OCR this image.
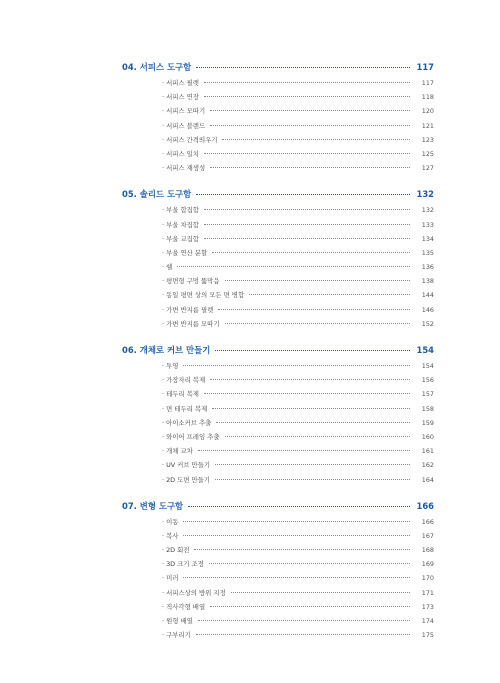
04. 서피스 도구함	117
· 서피스 필렛	117
· 서피스 연장	118
· 서피스 모따기	120
· 서피스 블렌드	121
· 서피스 간격띄우기	123
· 서피스 일치	125
· 서피스 재생성	127
05. 솔리드 도구함	132
· 부울 합집합	132
· 부울 차집합	133
· 부울 교집합	134
· 부울 연산 분할	135
· 쉘	136
· 평면형 구멍 뚫막음	138
· 동일 평면 상의 모든 면 병합	144
· 가변 반지름 필렛	146
· 가변 반지름 모따기	152
06. 개체로 커브 만들기	154
· 투영	154
· 가장자리 복제	156
· 테두리 복제	157
· 면 테두리 복제	158
· 아이소커브 추출	159
· 와이어 프레임 추출	160
· 개체 교차	161
· UV 커브 만들기	162
· 2D 도면 만들기	164
07. 변형 도구함	166
· 이동	166
· 복사	167
· 2D 회전	168
· 3D 크기 조정	169
· 미러	170
· 서피스상의 방위 지정	171
· 직사각형 배열	173
· 원형 배열	174
· 구부리기	175
